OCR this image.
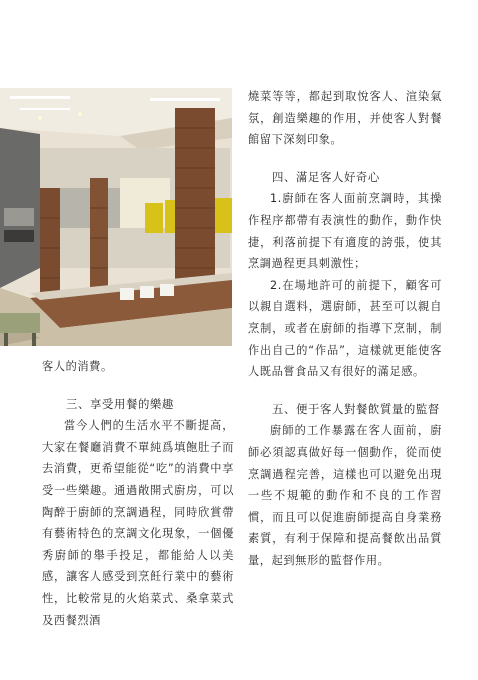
客人的消費。

三、享受用餐的樂趣

當今人們的生活水平不斷提高，大家在餐廳消費不單純爲填飽肚子而去消費，更希望能從“吃”的消費中享受一些樂趣。通過敞開式廚房，可以陶醉于廚師的烹調過程，同時欣賞帶有藝術特色的烹調文化現象，一個優秀廚師的舉手投足，都能給人以美感，讓客人感受到烹飪行業中的藝術性，比較常見的火焰菜式、桑拿菜式及西餐烈酒

燒菜等等，都起到取悅客人、渲染氣氛，創造樂趣的作用，并使客人對餐館留下深刻印象。

四、滿足客人好奇心

1.廚師在客人面前烹調時，其操作程序都帶有表演性的動作，動作快捷，利落前提下有適度的誇張，使其烹調過程更具刺激性；

2.在場地許可的前提下，顧客可以親自選料，選廚師，甚至可以親自烹制，或者在廚師的指導下烹制，制作出自己的“作品”，這樣就更能使客人既品嘗食品又有很好的滿足感。

五、便于客人對餐飲質量的監督

廚師的工作暴露在客人面前，廚師必須認真做好每一個動作，從而使烹調過程完善，這樣也可以避免出現一些不規範的動作和不良的工作習慣，而且可以促進廚師提高自身業務素質，有利于保障和提高餐飲出品質量，起到無形的監督作用。
